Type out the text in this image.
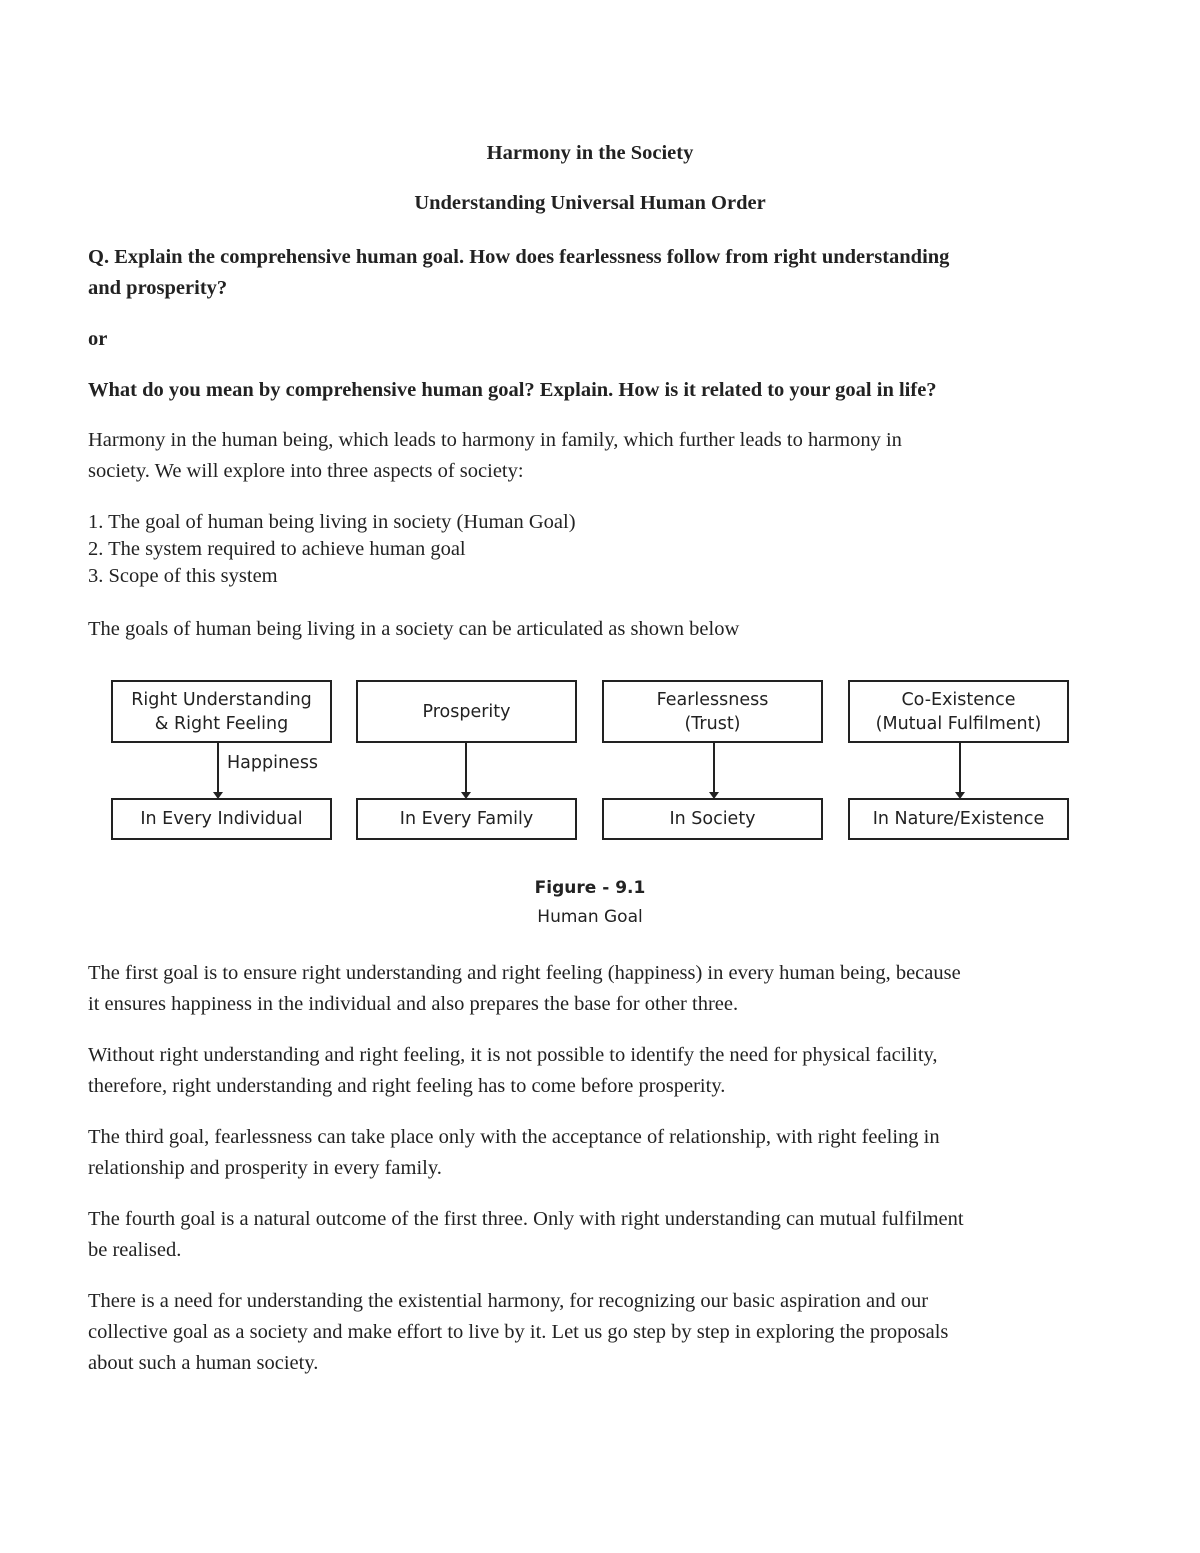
Harmony in the Society
Understanding Universal Human Order
Q. Explain the comprehensive human goal. How does fearlessness follow from right understanding
and prosperity?
or
What do you mean by comprehensive human goal? Explain. How is it related to your goal in life?
Harmony in the human being, which leads to harmony in family, which further leads to harmony in
society. We will explore into three aspects of society:
1. The goal of human being living in society (Human Goal)
2. The system required to achieve human goal
3. Scope of this system
The goals of human being living in a society can be articulated as shown below
Right Understanding
& Right Feeling
Prosperity
Fearlessness
(Trust)
Co-Existence
(Mutual Fulfilment)
Happiness
In Every Individual	In Every Family	In Society	In Nature/Existence
Figure - 9.1
Human Goal
The first goal is to ensure right understanding and right feeling (happiness) in every human being, because
it ensures happiness in the individual and also prepares the base for other three.
Without right understanding and right feeling, it is not possible to identify the need for physical facility,
therefore, right understanding and right feeling has to come before prosperity.
The third goal, fearlessness can take place only with the acceptance of relationship, with right feeling in
relationship and prosperity in every family.
The fourth goal is a natural outcome of the first three. Only with right understanding can mutual fulfilment
be realised.
There is a need for understanding the existential harmony, for recognizing our basic aspiration and our
collective goal as a society and make effort to live by it. Let us go step by step in exploring the proposals
about such a human society.
